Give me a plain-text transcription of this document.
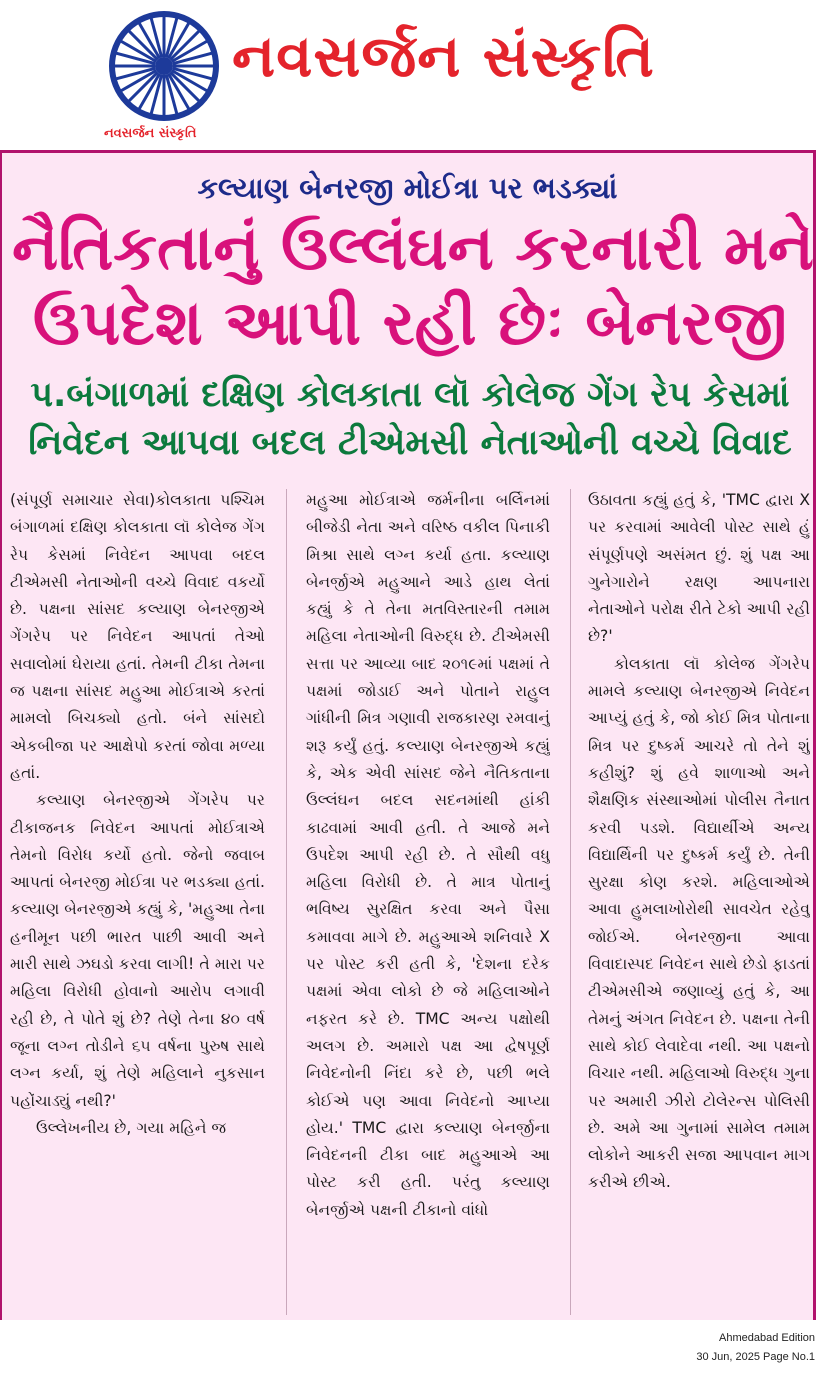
નવસર્જન સંસ્કૃતિ
નવસર્જન સંસ્કૃતિ
કલ્યાણ બેનરજી મોઈત્રા પર ભડક્યાં
નૈતિકતાનું ઉલ્લંઘન કરનારી મને
ઉપદેશ આપી રહી છેઃ બેનરજી
પ.બંગાળમાં દક્ષિણ કોલકાતા લૉ કોલેજ ગેંગ રેપ કેસમાં
નિવેદન આપવા બદલ ટીએમસી નેતાઓની વચ્ચે વિવાદ

(સંપૂર્ણ સમાચાર સેવા)કોલકાતા પશ્ચિમ બંગાળમાં દક્ષિણ કોલકાતા લૉ કોલેજ ગેંગ રેપ કેસમાં નિવેદન આપવા બદલ ટીએમસી નેતાઓની વચ્ચે વિવાદ વકર્યો છે. પક્ષના સાંસદ કલ્યાણ બેનરજીએ ગેંગરેપ પર નિવેદન આપતાં તેઓ સવાલોમાં ઘેરાયા હતાં. તેમની ટીકા તેમના જ પક્ષના સાંસદ મહુઆ મોઈત્રાએ કરતાં મામલો બિચક્યો હતો. બંને સાંસદો એકબીજા પર આક્ષેપો કરતાં જોવા મળ્યા હતાં.

કલ્યાણ બેનરજીએ ગેંગરેપ પર ટીકાજનક નિવેદન આપતાં મોઈત્રાએ તેમનો વિરોધ કર્યો હતો. જેનો જવાબ આપતાં બેનરજી મોઈત્રા પર ભડક્યા હતાં. કલ્યાણ બેનરજીએ કહ્યું કે, 'મહુઆ તેના હનીમૂન પછી ભારત પાછી આવી અને મારી સાથે ઝઘડો કરવા લાગી! તે મારા પર મહિલા વિરોધી હોવાનો આરોપ લગાવી રહી છે, તે પોતે શું છે? તેણે તેના ૪૦ વર્ષ જૂના લગ્ન તોડીને ૬૫ વર્ષના પુરુષ સાથે લગ્ન કર્યા, શું તેણે મહિલાને નુકસાન પહોંચાડ્યું નથી?'

ઉલ્લેખનીય છે, ગયા મહિને જ

મહુઆ મોઈત્રાએ જર્મનીના બર્લિનમાં બીજેડી નેતા અને વરિષ્ઠ વકીલ પિનાકી મિશ્રા સાથે લગ્ન કર્યા હતા. કલ્યાણ બેનર્જીએ મહુઆને આડે હાથ લેતાં કહ્યું કે તે તેના મતવિસ્તારની તમામ મહિલા નેતાઓની વિરુદ્ધ છે. ટીએમસી સત્તા પર આવ્યા બાદ ૨૦૧૯માં પક્ષમાં તે પક્ષમાં જોડાઈ અને પોતાને રાહુલ ગાંધીની મિત્ર ગણાવી રાજકારણ રમવાનું શરૂ કર્યું હતું. કલ્યાણ બેનરજીએ કહ્યું કે, એક એવી સાંસદ જેને નૈતિકતાના ઉલ્લંઘન બદલ સદનમાંથી હાંકી કાઢવામાં આવી હતી. તે આજે મને ઉપદેશ આપી રહી છે. તે સૌથી વધુ મહિલા વિરોધી છે. તે માત્ર પોતાનું ભવિષ્ય સુરક્ષિત કરવા અને પૈસા કમાવવા માગે છે. મહુઆએ શનિવારે X પર પોસ્ટ કરી હતી કે, 'દેશના દરેક પક્ષમાં એવા લોકો છે જે મહિલાઓને નફરત કરે છે. TMC અન્ય પક્ષોથી અલગ છે. અમારો પક્ષ આ દ્વેષપૂર્ણ નિવેદનોની નિંદા કરે છે, પછી ભલે કોઈએ પણ આવા નિવેદનો આપ્યા હોય.' TMC દ્વારા કલ્યાણ બેનર્જીના નિવેદનની ટીકા બાદ મહુઆએ આ પોસ્ટ કરી હતી. પરંતુ કલ્યાણ બેનર્જીએ પક્ષની ટીકાનો વાંધો

ઉઠાવતા કહ્યું હતું કે, 'TMC દ્વારા X પર કરવામાં આવેલી પોસ્ટ સાથે હું સંપૂર્ણપણે અસંમત છું. શું પક્ષ આ ગુનેગારોને રક્ષણ આપનારા નેતાઓને પરોક્ષ રીતે ટેકો આપી રહી છે?'

કોલકાતા લૉ કોલેજ ગેંગરેપ મામલે કલ્યાણ બેનરજીએ નિવેદન આપ્યું હતું કે, જો કોઈ મિત્ર પોતાના મિત્ર પર દુષ્કર્મ આચરે તો તેને શું કહીશું? શું હવે શાળાઓ અને શૈક્ષણિક સંસ્થાઓમાં પોલીસ તૈનાત કરવી પડશે. વિદ્યાર્થીએ અન્ય વિદ્યાર્થિની પર દુષ્કર્મ કર્યું છે. તેની સુરક્ષા કોણ કરશે. મહિલાઓએ આવા હુમલાખોરોથી સાવચેત રહેવુ જોઈએ. બેનરજીના આવા વિવાદાસ્પદ નિવેદન સાથે છેડો ફાડતાં ટીએમસીએ જણાવ્યું હતું કે, આ તેમનું અંગત નિવેદન છે. પક્ષના તેની સાથે કોઈ લેવાદેવા નથી. આ પક્ષનો વિચાર નથી. મહિલાઓ વિરુદ્ધ ગુના પર અમારી ઝીરો ટોલેરન્સ પોલિસી છે. અમે આ ગુનામાં સામેલ તમામ લોકોને આકરી સજા આપવાન માગ કરીએ છીએ.

Ahmedabad Edition
30 Jun, 2025 Page No.1
